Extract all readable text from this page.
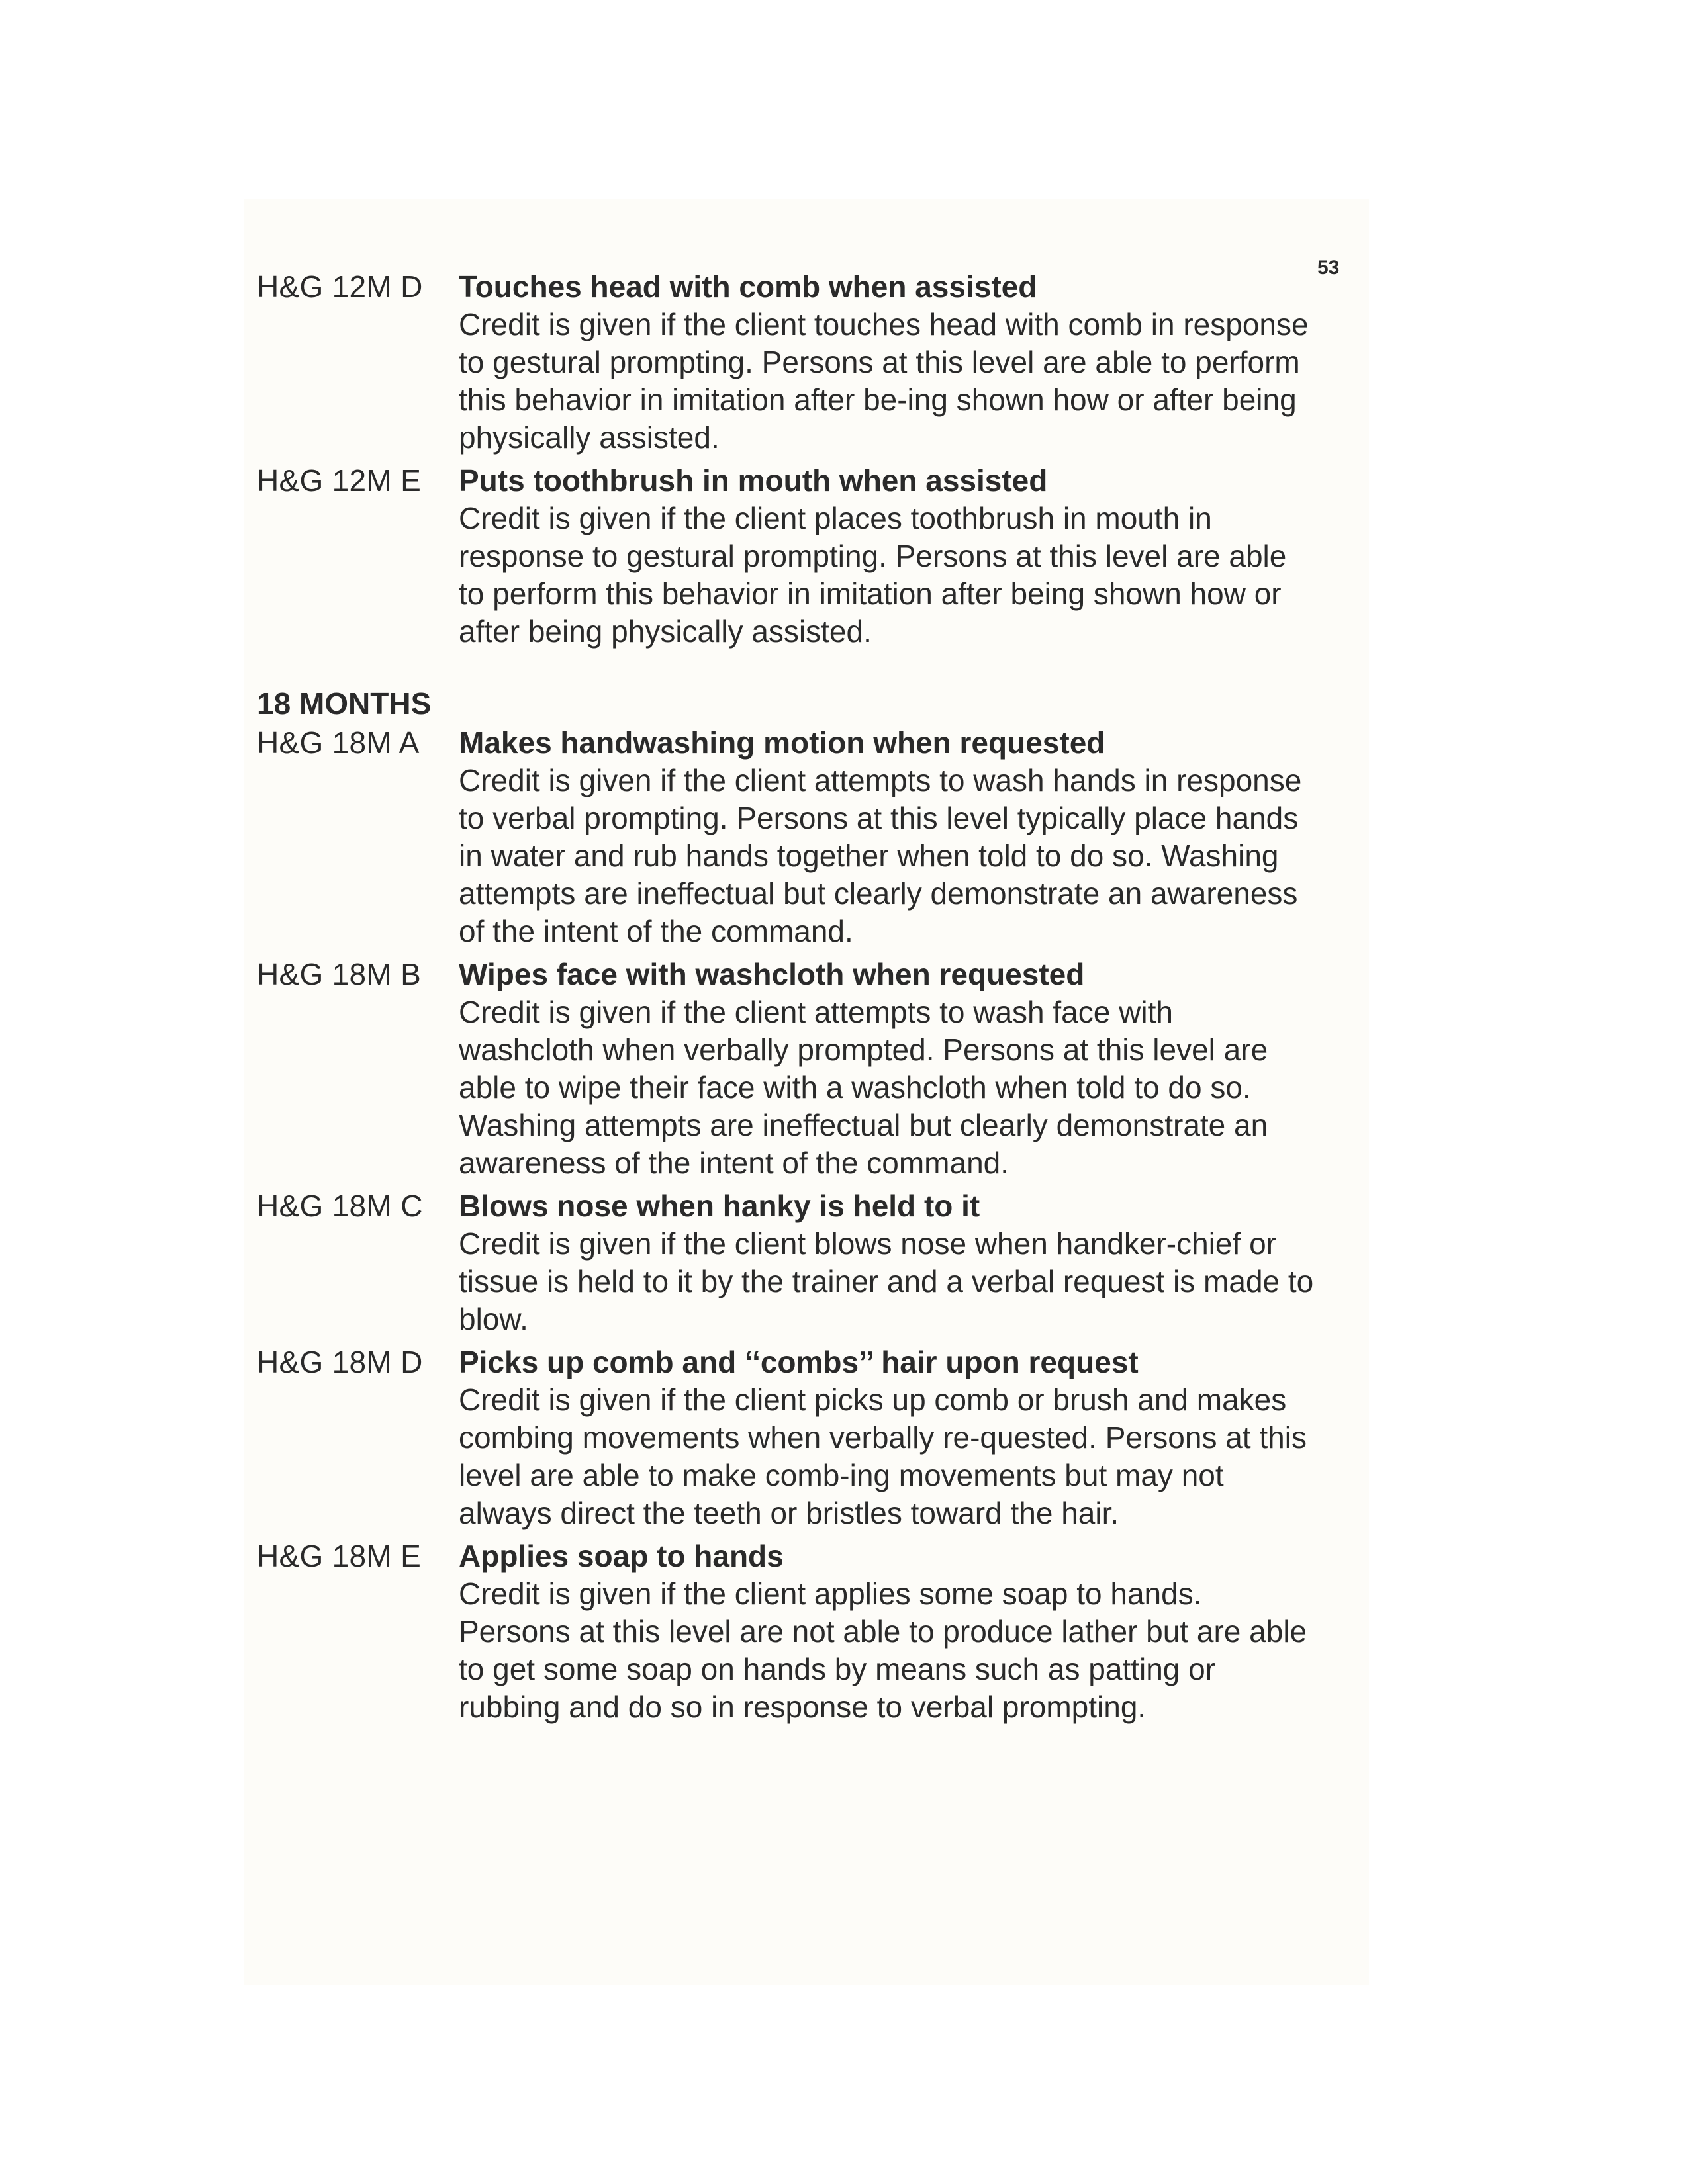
53
H&G 12M D	Touches head with comb when assisted

Credit is given if the client touches head with comb in response to gestural prompting. Persons at this level are able to perform this behavior in imitation after be-ing shown how or after being physically assisted.

H&G 12M E	Puts toothbrush in mouth when assisted

Credit is given if the client places toothbrush in mouth in response to gestural prompting. Persons at this level are able to perform this behavior in imitation after being shown how or after being physically assisted.

18 MONTHS
H&G 18M A	Makes handwashing motion when requested

Credit is given if the client attempts to wash hands in response to verbal prompting. Persons at this level typically place hands in water and rub hands together when told to do so. Washing attempts are ineffectual but clearly demonstrate an awareness of the intent of the command.

H&G 18M B	Wipes face with washcloth when requested

Credit is given if the client attempts to wash face with washcloth when verbally prompted. Persons at this level are able to wipe their face with a washcloth when told to do so. Washing attempts are ineffectual but clearly demonstrate an awareness of the intent of the command.

H&G 18M C	Blows nose when hanky is held to it

Credit is given if the client blows nose when handker-chief or tissue is held to it by the trainer and a verbal request is made to blow.

H&G 18M D	Picks up comb and ‘‘combs’’ hair upon request

Credit is given if the client picks up comb or brush and makes combing movements when verbally re-quested. Persons at this level are able to make comb-ing movements but may not always direct the teeth or bristles toward the hair.

H&G 18M E	Applies soap to hands

Credit is given if the client applies some soap to hands. Persons at this level are not able to produce lather but are able to get some soap on hands by means such as patting or rubbing and do so in response to verbal prompting.
